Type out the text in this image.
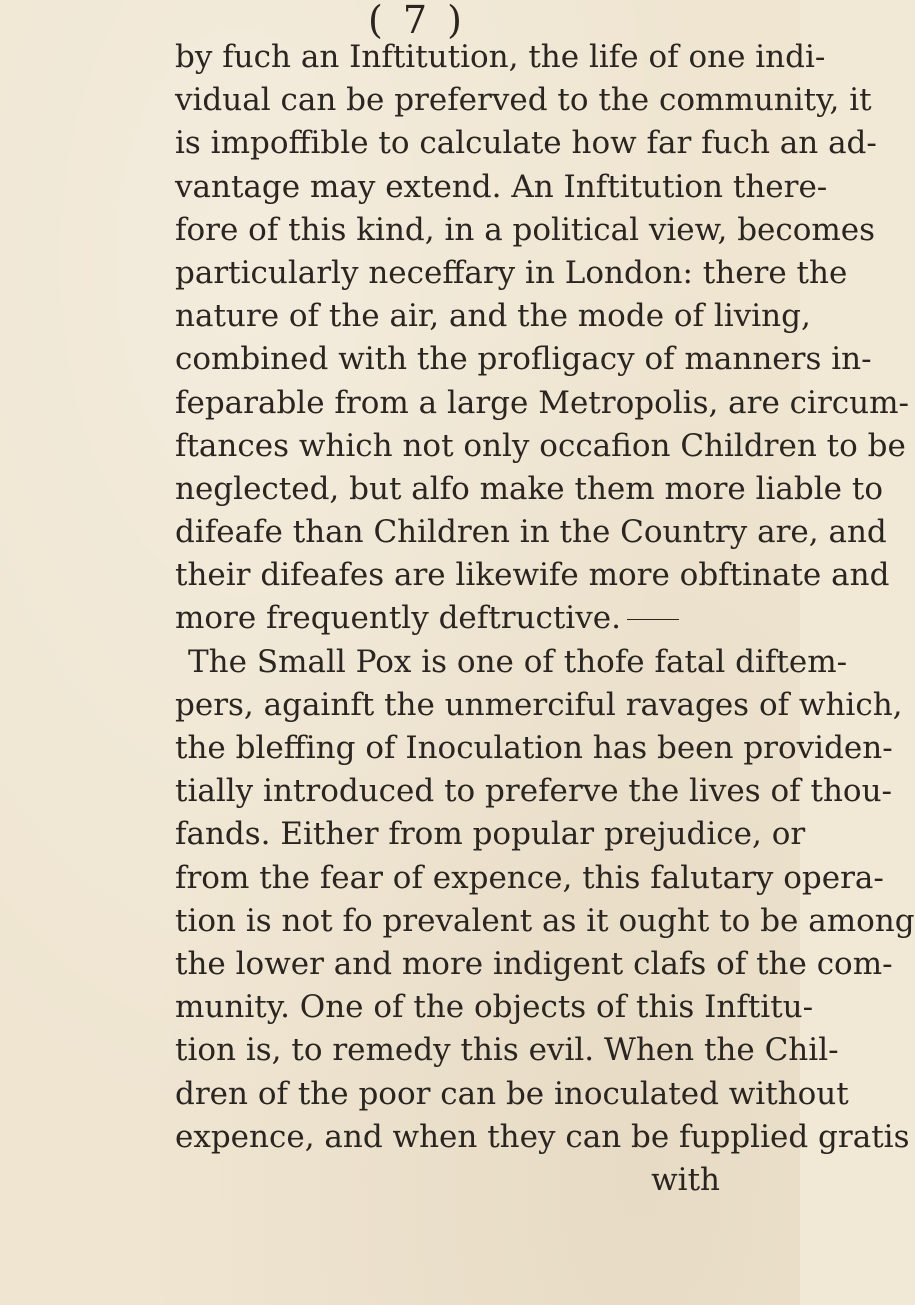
( 7 )
by fuch an Inftitution, the life of one indi-
vidual can be preferved to the community, it
is impoffible to calculate how far fuch an ad-
vantage may extend. An Inftitution there-
fore of this kind, in a political view, becomes
particularly neceffary in London: there the
nature of the air, and the mode of living,
combined with the profligacy of manners in-
feparable from a large Metropolis, are circum-
ftances which not only occafion Children to be
neglected, but alfo make them more liable to
difeafe than Children in the Country are, and
their difeafes are likewife more obftinate and
more frequently deftructive.
The Small Pox is one of thofe fatal diftem-
pers, againft the unmerciful ravages of which,
the bleffing of Inoculation has been providen-
tially introduced to preferve the lives of thou-
fands. Either from popular prejudice, or
from the fear of expence, this falutary opera-
tion is not fo prevalent as it ought to be among
the lower and more indigent clafs of the com-
munity. One of the objects of this Inftitu-
tion is, to remedy this evil. When the Chil-
dren of the poor can be inoculated without
expence, and when they can be fupplied gratis
with
